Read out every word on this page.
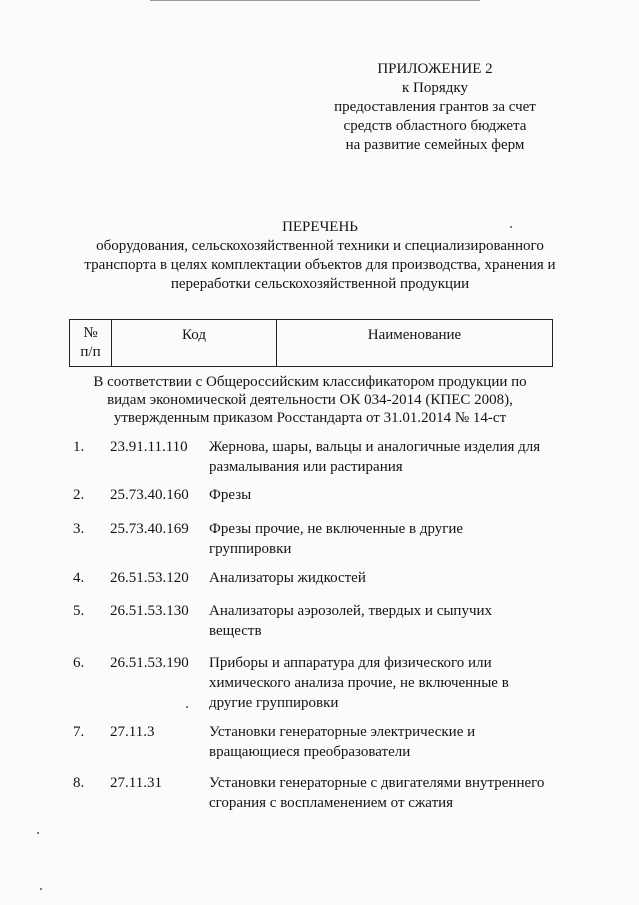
ПРИЛОЖЕНИЕ 2
к Порядку
предоставления грантов за счет
средств областного бюджета
на развитие семейных ферм
ПЕРЕЧЕНЬ
оборудования, сельскохозяйственной техники и специализированного
транспорта в целях комплектации объектов для производства, хранения и
переработки сельскохозяйственной продукции
№
п/п
Код	Наименование
В соответствии с Общероссийским классификатором продукции по
видам экономической деятельности ОК 034-2014 (КПЕС 2008),
утвержденным приказом Росстандарта от 31.01.2014 № 14-ст
1.	23.91.11.110	Жернова, шары, вальцы и аналогичные изделия для
размалывания или растирания
2.	25.73.40.160	Фрезы
3.	25.73.40.169	Фрезы прочие, не включенные в другие
группировки
4.	26.51.53.120	Анализаторы жидкостей
5.	26.51.53.130	Анализаторы аэрозолей, твердых и сыпучих
веществ
6.	26.51.53.190	Приборы и аппаратура для физического или
химического анализа прочие, не включенные в
другие группировки
7.	27.11.3	Установки генераторные электрические и
вращающиеся преобразователи
8.	27.11.31	Установки генераторные с двигателями внутреннего
сгорания с воспламенением от сжатия
